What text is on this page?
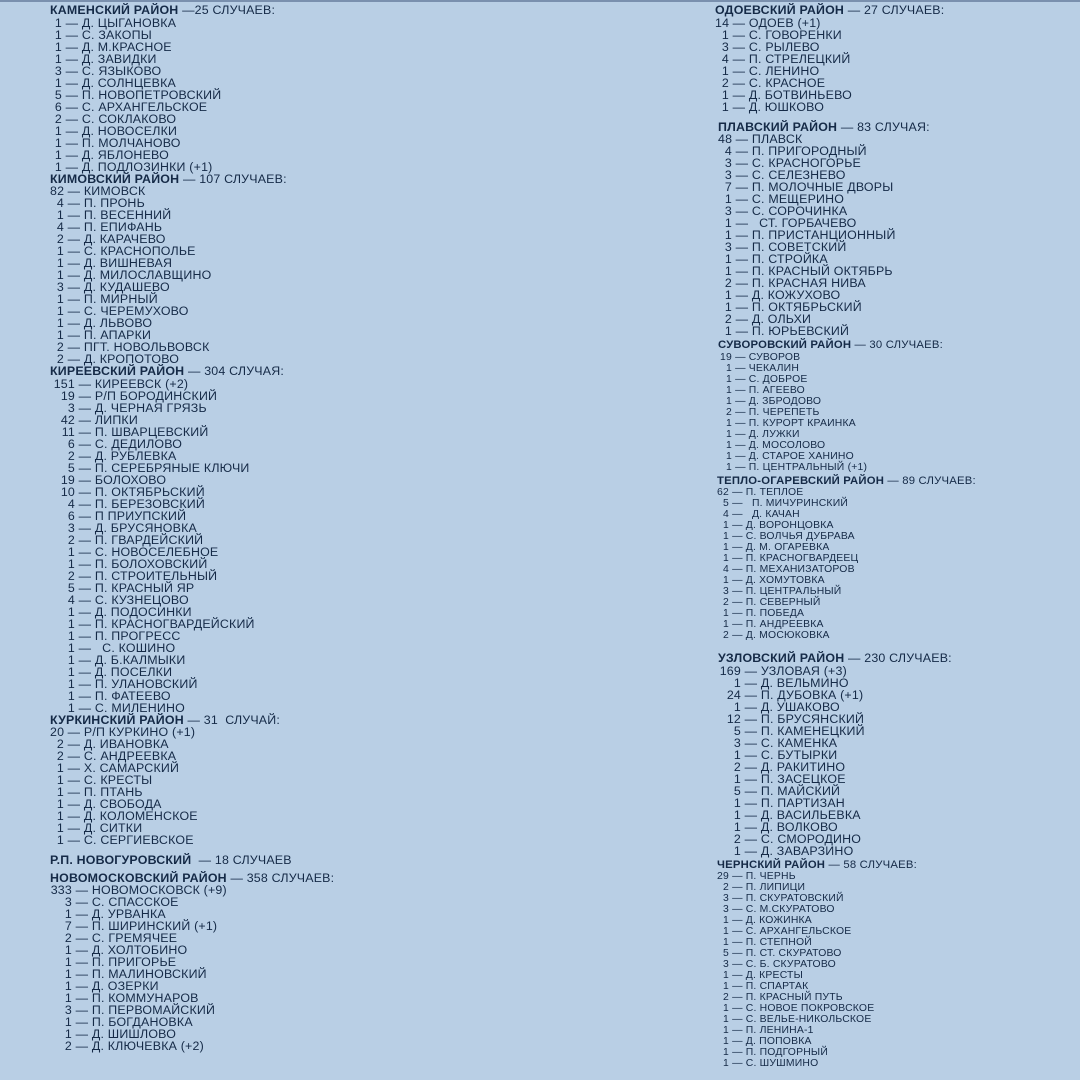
КАМЕНСКИЙ РАЙОН —25 СЛУЧАЕВ:
1 — Д. ЦЫГАНОВКА
1 — С. ЗАКОПЫ
1 — Д. М.КРАСНОЕ
1 — Д. ЗАВИДКИ
3 — С. ЯЗЫКОВО
1 — Д. СОЛНЦЕВКА
5 — П. НОВОПЕТРОВСКИЙ
6 — С. АРХАНГЕЛЬСКОЕ
2 — С. СОКЛАКОВО
1 — Д. НОВОСЕЛКИ
1 — П. МОЛЧАНОВО
1 — Д. ЯБЛОНЕВО
1 — Д. ПОДЛОЗИНКИ (+1)
КИМОВСКИЙ РАЙОН — 107 СЛУЧАЕВ:
82 — КИМОВСК
4 — П. ПРОНЬ
1 — П. ВЕСЕННИЙ
4 — П. ЕПИФАНЬ
2 — Д. КАРАЧЕВО
1 — С. КРАСНОПОЛЬЕ
1 — Д. ВИШНЕВАЯ
1 — Д. МИЛОСЛАВЩИНО
3 — Д. КУДАШЕВО
1 — П. МИРНЫЙ
1 — С. ЧЕРЕМУХОВО
1 — Д. ЛЬВОВО
1 — П. АПАРКИ
2 — ПГТ. НОВОЛЬВОВСК
2 — Д. КРОПОТОВО
КИРЕЕВСКИЙ РАЙОН — 304 СЛУЧАЯ:
151 — КИРЕЕВСК (+2)
19 — Р/П БОРОДИНСКИЙ
3 — Д. ЧЕРНАЯ ГРЯЗЬ
42 — ЛИПКИ
11 — П. ШВАРЦЕВСКИЙ
6 — С. ДЕДИЛОВО
2 — Д. РУБЛЕВКА
5 — П. СЕРЕБРЯНЫЕ КЛЮЧИ
19 — БОЛОХОВО
10 — П. ОКТЯБРЬСКИЙ
4 — П. БЕРЕЗОВСКИЙ
6 — П ПРИУПСКИЙ
3 — Д. БРУСЯНОВКА
2 — П. ГВАРДЕЙСКИЙ
1 — С. НОВОСЕЛЕБНОЕ
1 — П. БОЛОХОВСКИЙ
2 — П. СТРОИТЕЛЬНЫЙ
5 — П. КРАСНЫЙ ЯР
4 — С. КУЗНЕЦОВО
1 — Д. ПОДОСИНКИ
1 — П. КРАСНОГВАРДЕЙСКИЙ
1 — П. ПРОГРЕСС
1 —   С. КОШИНО
1 — Д. Б.КАЛМЫКИ
1 — Д. ПОСЕЛКИ
1 — П. УЛАНОВСКИЙ
1 — П. ФАТЕЕВО
1 — С. МИЛЕНИНО
КУРКИНСКИЙ РАЙОН — 31  СЛУЧАЙ:
20 — Р/П КУРКИНО (+1)
2 — Д. ИВАНОВКА
2 — С. АНДРЕЕВКА
1 — Х. САМАРСКИЙ
1 — С. КРЕСТЫ
1 — П. ПТАНЬ
1 — Д. СВОБОДА
1 — Д. КОЛОМЕНСКОЕ
1 — Д. СИТКИ
1 — С. СЕРГИЕВСКОЕ
Р.П. НОВОГУРОВСКИЙ  — 18 СЛУЧАЕВ
НОВОМОСКОВСКИЙ РАЙОН — 358 СЛУЧАЕВ:
333 — НОВОМОСКОВСК (+9)
3 — С. СПАССКОЕ
1 — Д. УРВАНКА
7 — П. ШИРИНСКИЙ (+1)
2 — С. ГРЕМЯЧЕЕ
1 — Д. ХОЛТОБИНО
1 — П. ПРИГОРЬЕ
1 — П. МАЛИНОВСКИЙ
1 — Д. ОЗЕРКИ
1 — П. КОММУНАРОВ
3 — П. ПЕРВОМАЙСКИЙ
1 — П. БОГДАНОВКА
1 — Д. ШИШЛОВО
2 — Д. КЛЮЧЕВКА (+2)
ОДОЕВСКИЙ РАЙОН — 27 СЛУЧАЕВ:
14 — ОДОЕВ (+1)
1 — С. ГОВОРЕНКИ
3 — С. РЫЛЕВО
4 — П. СТРЕЛЕЦКИЙ
1 — С. ЛЕНИНО
2 — С. КРАСНОЕ
1 — Д. БОТВИНЬЕВО
1 — Д. ЮШКОВО
ПЛАВСКИЙ РАЙОН — 83 СЛУЧАЯ:
48 — ПЛАВСК
4 — П. ПРИГОРОДНЫЙ
3 — С. КРАСНОГОРЬЕ
3 — С. СЕЛЕЗНЕВО
7 — П. МОЛОЧНЫЕ ДВОРЫ
1 — С. МЕЩЕРИНО
3 — С. СОРОЧИНКА
1 —   СТ. ГОРБАЧЕВО
1 — П. ПРИСТАНЦИОННЫЙ
3 — П. СОВЕТСКИЙ
1 — П. СТРОЙКА
1 — П. КРАСНЫЙ ОКТЯБРЬ
2 — П. КРАСНАЯ НИВА
1 — Д. КОЖУХОВО
1 — П. ОКТЯБРЬСКИЙ
2 — Д. ОЛЬХИ
1 — П. ЮРЬЕВСКИЙ
СУВОРОВСКИЙ РАЙОН — 30 СЛУЧАЕВ:
19 — СУВОРОВ
1 — ЧЕКАЛИН
1 — С. ДОБРОЕ
1 — П. АГЕЕВО
1 — Д. ЗБРОДОВО
2 — П. ЧЕРЕПЕТЬ
1 — П. КУРОРТ КРАИНКА
1 — Д. ЛУЖКИ
1 — Д. МОСОЛОВО
1 — Д. СТАРОЕ ХАНИНО
1 — П. ЦЕНТРАЛЬНЫЙ (+1)
ТЕПЛО-ОГАРЕВСКИЙ РАЙОН — 89 СЛУЧАЕВ:
62 — П. ТЕПЛОЕ
5 —   П. МИЧУРИНСКИЙ
4 —   Д. КАЧАН
1 — Д. ВОРОНЦОВКА
1 — С. ВОЛЧЬЯ ДУБРАВА
1 — Д. М. ОГАРЕВКА
1 — П. КРАСНОГВАРДЕЕЦ
4 — П. МЕХАНИЗАТОРОВ
1 — Д. ХОМУТОВКА
3 — П. ЦЕНТРАЛЬНЫЙ
2 — П. СЕВЕРНЫЙ
1 — П. ПОБЕДА
1 — П. АНДРЕЕВКА
2 — Д. МОСЮКОВКА
УЗЛОВСКИЙ РАЙОН — 230 СЛУЧАЕВ:
169 — УЗЛОВАЯ (+3)
1 — Д. ВЕЛЬМИНО
24 — П. ДУБОВКА (+1)
1 — Д. УШАКОВО
12 — П. БРУСЯНСКИЙ
5 — П. КАМЕНЕЦКИЙ
3 — С. КАМЕНКА
1 — С. БУТЫРКИ
2 — Д. РАКИТИНО
1 — П. ЗАСЕЦКОЕ
5 — П. МАЙСКИЙ
1 — П. ПАРТИЗАН
1 — Д. ВАСИЛЬЕВКА
1 — Д. ВОЛКОВО
2 — С. СМОРОДИНО
1 — Д. ЗАВАРЗИНО
ЧЕРНСКИЙ РАЙОН — 58 СЛУЧАЕВ:
29 — П. ЧЕРНЬ
2 — П. ЛИПИЦИ
3 — П. СКУРАТОВСКИЙ
3 — С. М.СКУРАТОВО
1 — Д. КОЖИНКА
1 — С. АРХАНГЕЛЬСКОЕ
1 — П. СТЕПНОЙ
5 — П. СТ. СКУРАТОВО
3 — С. Б. СКУРАТОВО
1 — Д. КРЕСТЫ
1 — П. СПАРТАК
2 — П. КРАСНЫЙ ПУТЬ
1 — С. НОВОЕ ПОКРОВСКОЕ
1 — С. ВЕЛЬЕ-НИКОЛЬСКОЕ
1 — П. ЛЕНИНА-1
1 — Д. ПОПОВКА
1 — П. ПОДГОРНЫЙ
1 — С. ШУШМИНО
